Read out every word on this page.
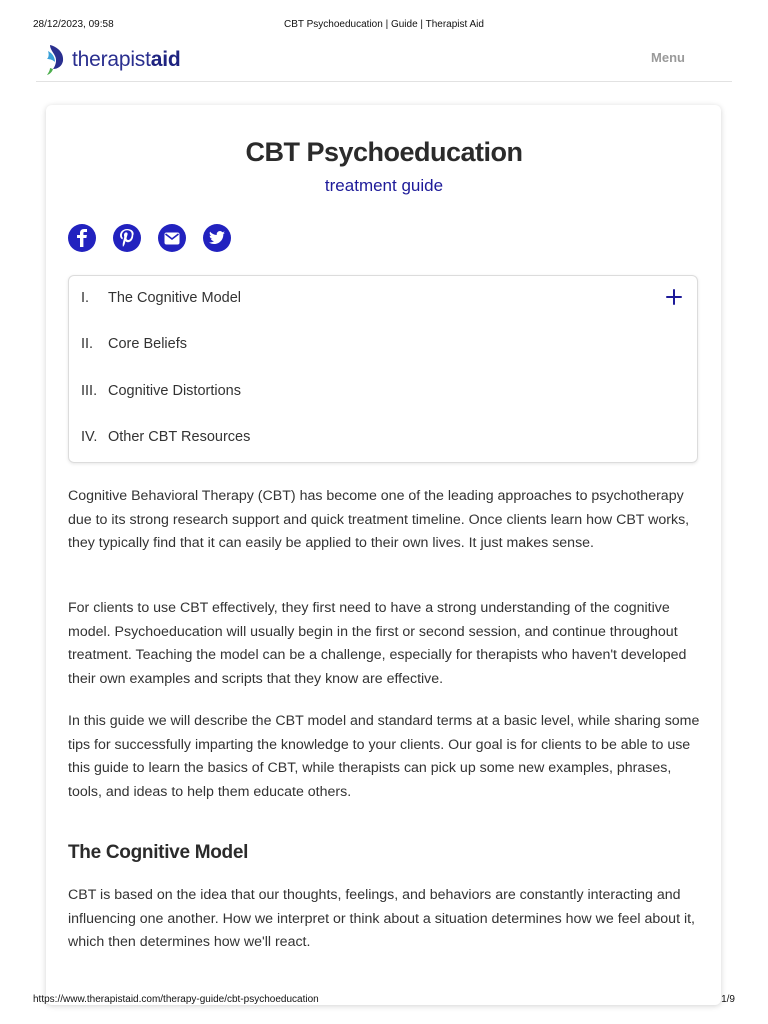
28/12/2023, 09:58	CBT Psychoeducation | Guide | Therapist Aid
therapistaid	Menu
CBT Psychoeducation
treatment guide
I.	The Cognitive Model
II.	Core Beliefs
III. Cognitive Distortions
IV. Other CBT Resources

Cognitive Behavioral Therapy (CBT) has become one of the leading approaches to psychotherapy due to its strong research support and quick treatment timeline. Once clients learn how CBT works, they typically find that it can easily be applied to their own lives. It just makes sense.

For clients to use CBT effectively, they first need to have a strong understanding of the cognitive model. Psychoeducation will usually begin in the first or second session, and continue throughout treatment. Teaching the model can be a challenge, especially for therapists who haven't developed their own examples and scripts that they know are effective.

In this guide we will describe the CBT model and standard terms at a basic level, while sharing some tips for successfully imparting the knowledge to your clients. Our goal is for clients to be able to use this guide to learn the basics of CBT, while therapists can pick up some new examples, phrases, tools, and ideas to help them educate others.

The Cognitive Model

CBT is based on the idea that our thoughts, feelings, and behaviors are constantly interacting and influencing one another. How we interpret or think about a situation determines how we feel about it, which then determines how we'll react.

https://www.therapistaid.com/therapy-guide/cbt-psychoeducation	1/9
